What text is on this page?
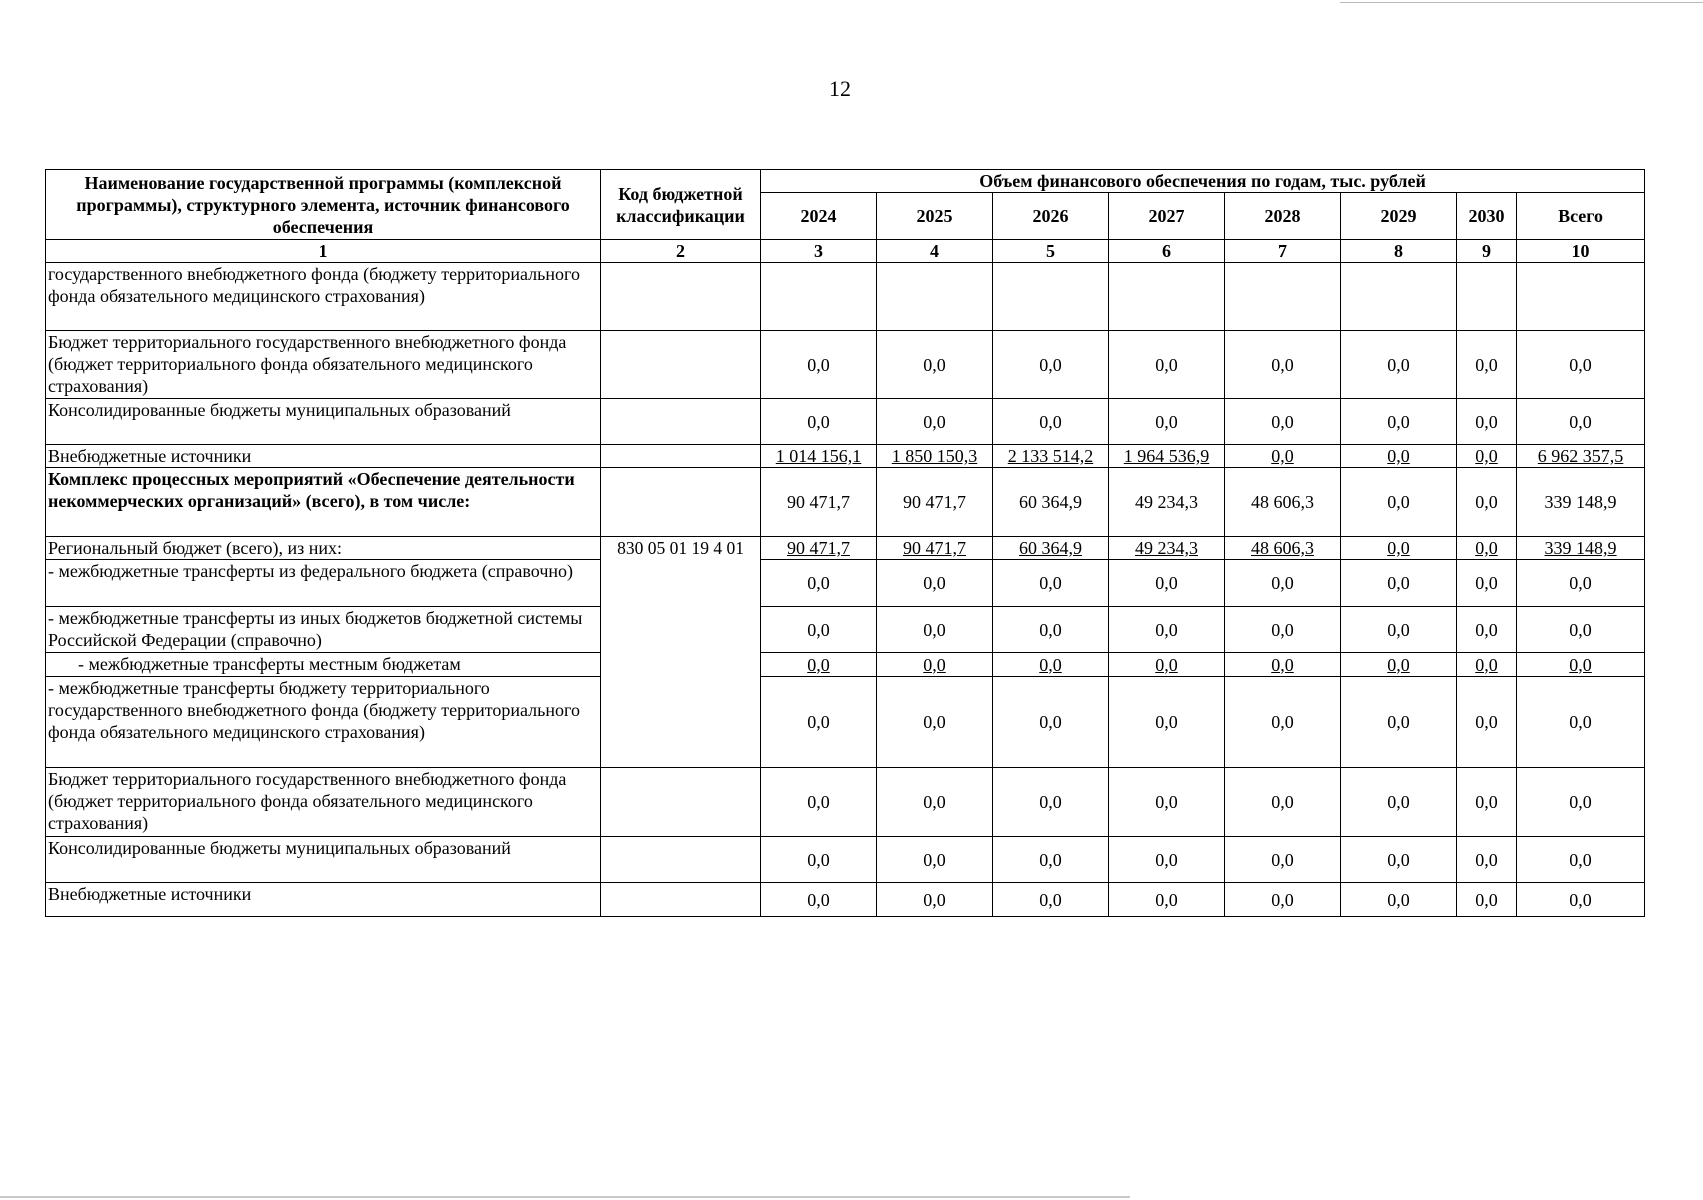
12
Наименование государственной программы (комплексной программы), структурного элемента, источник финансового обеспечения	Код бюджетной классификации	Объем финансового обеспечения по годам, тыс. рублей							
		2024	2025	2026	2027	2028	2029	2030	Всего
1	2	3	4	5	6	7	8	9	10
государственного внебюджетного фонда (бюджету территориального фонда обязательного медицинского страхования)									
Бюджет территориального государственного внебюджетного фонда (бюджет территориального фонда обязательного медицинского страхования)		0,0	0,0	0,0	0,0	0,0	0,0	0,0	0,0
Консолидированные бюджеты муниципальных образований		0,0	0,0	0,0	0,0	0,0	0,0	0,0	0,0
Внебюджетные источники		1 014 156,1	1 850 150,3	2 133 514,2	1 964 536,9	0,0	0,0	0,0	6 962 357,5
Комплекс процессных мероприятий «Обеспечение деятельности некоммерческих организаций» (всего), в том числе:		90 471,7	90 471,7	60 364,9	49 234,3	48 606,3	0,0	0,0	339 148,9
Региональный бюджет (всего), из них:	830 05 01 19 4 01	90 471,7	90 471,7	60 364,9	49 234,3	48 606,3	0,0	0,0	339 148,9
- межбюджетные трансферты из федерального бюджета (справочно)		0,0	0,0	0,0	0,0	0,0	0,0	0,0	0,0
- межбюджетные трансферты из иных бюджетов бюджетной системы Российской Федерации (справочно)		0,0	0,0	0,0	0,0	0,0	0,0	0,0	0,0
- межбюджетные трансферты местным бюджетам		0,0	0,0	0,0	0,0	0,0	0,0	0,0	0,0
- межбюджетные трансферты бюджету территориального государственного внебюджетного фонда (бюджету территориального фонда обязательного медицинского страхования)		0,0	0,0	0,0	0,0	0,0	0,0	0,0	0,0
Бюджет территориального государственного внебюджетного фонда (бюджет территориального фонда обязательного медицинского страхования)		0,0	0,0	0,0	0,0	0,0	0,0	0,0	0,0
Консолидированные бюджеты муниципальных образований		0,0	0,0	0,0	0,0	0,0	0,0	0,0	0,0
Внебюджетные источники		0,0	0,0	0,0	0,0	0,0	0,0	0,0	0,0
